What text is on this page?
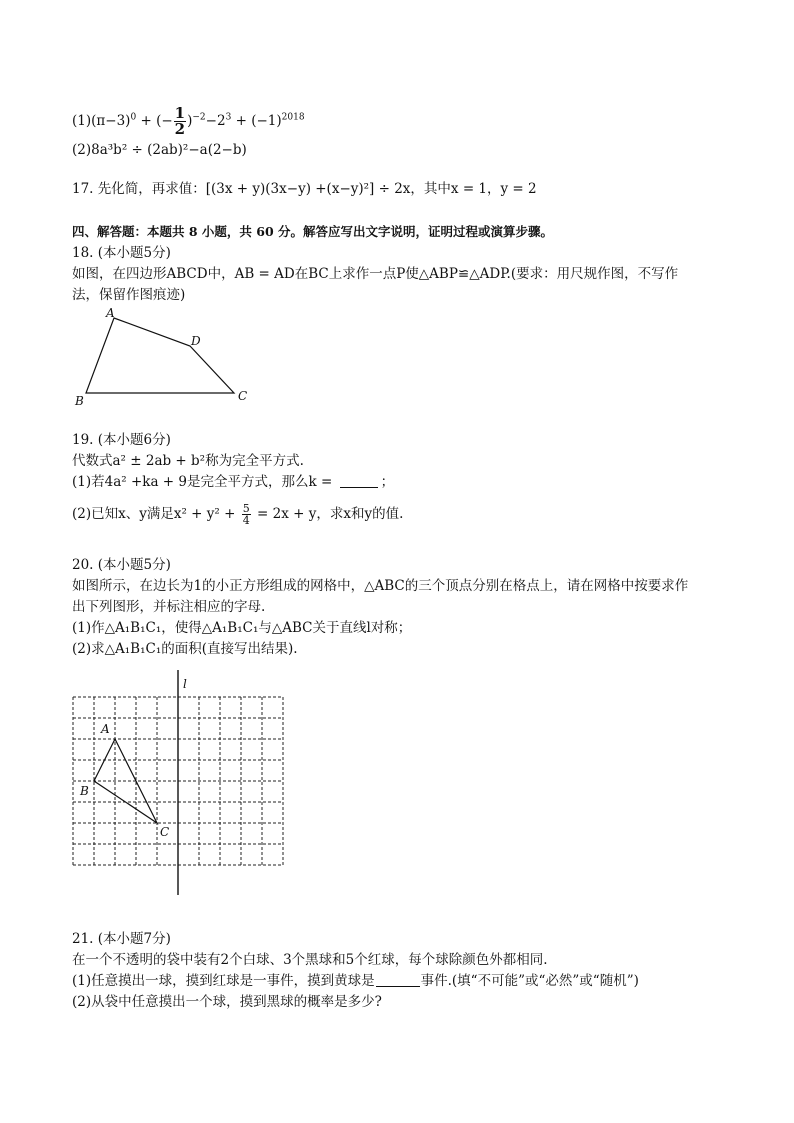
$(1)(\pi-3)^0$ + (− $\frac{1}{2} )^{-2}-2^3 + (-1)^{2018}$
(2)8a³b² ÷ (2ab)²−a(2−b)
17. 先化简，再求值：[(3x + y)(3x−y) +(x−y)²] ÷ 2x，其中x = 1，y = 2
四、解答题：本题共 8 小题，共 60 分。解答应写出文字说明，证明过程或演算步骤。
18. (本小题5分)
如图，在四边形ABCD中，AB = AD在BC上求作一点P使△ABP≌△ADP.(要求：用尺规作图，不写作
法，保留作图痕迹)
A
D
C
B
19. (本小题6分)
代数式a² ± 2ab + b²称为完全平方式.
(1)若4a² +ka + 9是完全平方式，那么k =	；
(2)已知x、y满足$x^2 + y^2 + \frac{5}{4} = 2x + y$，求x和y的值.
20. (本小题5分)
如图所示，在边长为1的小正方形组成的网格中，△ABC的三个顶点分别在格点上，请在网格中按要求作
出下列图形，并标注相应的字母.
(1)作△A₁B₁C₁，使得△A₁B₁C₁与△ABC关于直线l对称；
(2)求△A₁B₁C₁的面积(直接写出结果).
l
A
B
C
21. (本小题7分)
在一个不透明的袋中装有2个白球、3个黑球和5个红球，每个球除颜色外都相同.
(1)任意摸出一球，摸到红球是一事件，摸到黄球是	事件.(填“不可能”或“必然”或“随机”)
(2)从袋中任意摸出一个球，摸到黑球的概率是多少?
